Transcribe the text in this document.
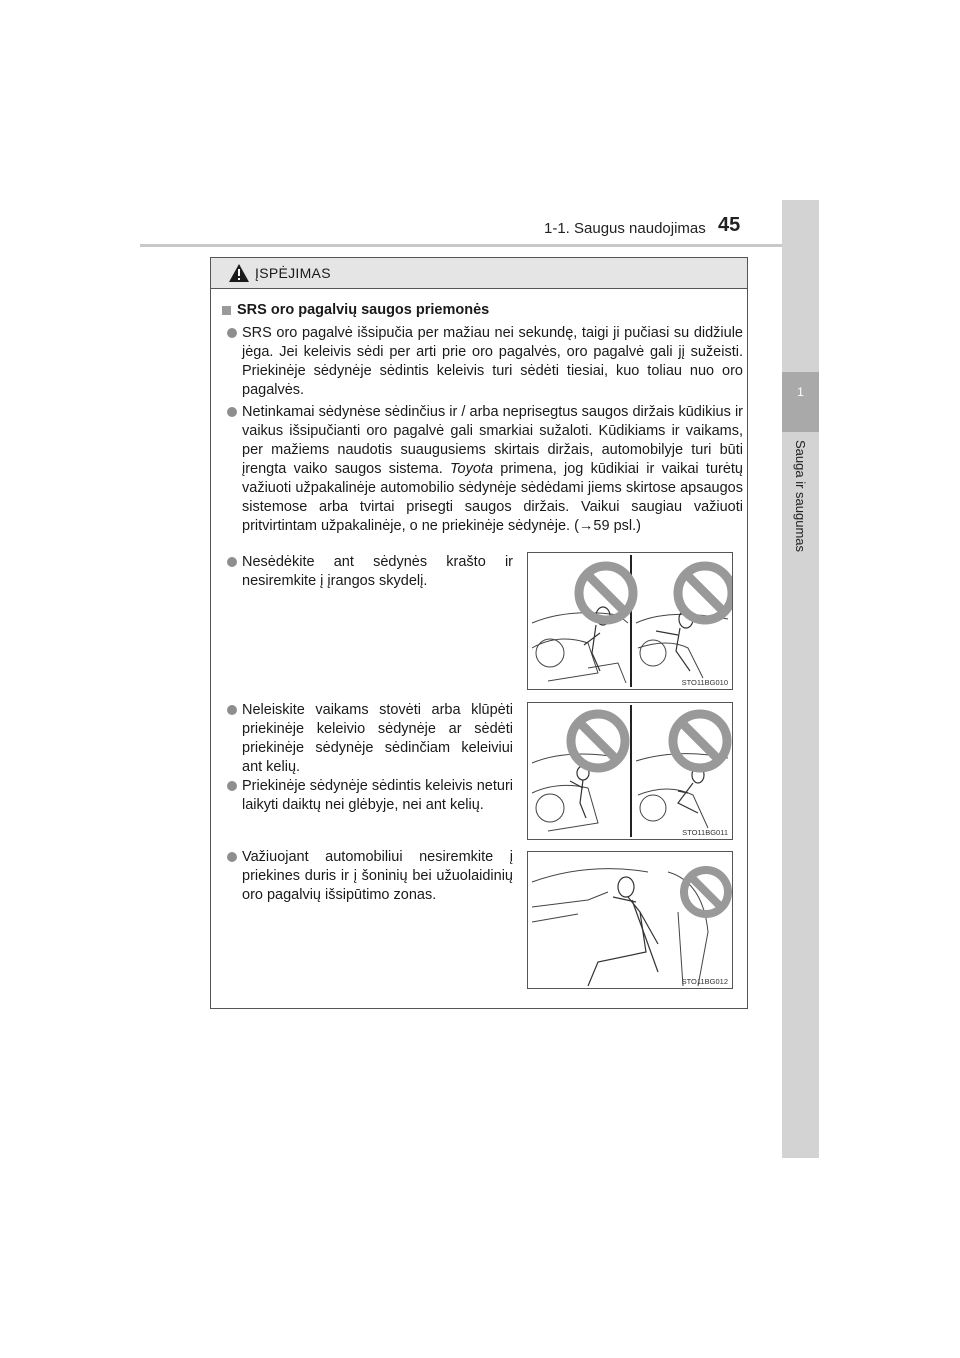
1
Sauga ir saugumas
1-1. Saugus naudojimas 45
ĮSPĖJIMAS
SRS oro pagalvių saugos priemonės
SRS oro pagalvė išsipučia per mažiau nei sekundę, taigi ji pučiasi su didžiule jėga. Jei keleivis sėdi per arti prie oro pagalvės, oro pagalvė gali jį sužeisti. Priekinėje sėdynėje sėdintis keleivis turi sėdėti tiesiai, kuo toliau nuo oro pagalvės.
Netinkamai sėdynėse sėdinčius ir / arba neprisegtus saugos diržais kūdikius ir vaikus išsipučianti oro pagalvė gali smarkiai sužaloti. Kūdikiams ir vaikams, per mažiems naudotis suaugusiems skirtais diržais, automobilyje turi būti įrengta vaiko saugos sistema. Toyota primena, jog kūdikiai ir vaikai turėtų važiuoti užpakalinėje automobilio sėdynėje sėdėdami jiems skirtose apsaugos sistemose arba tvirtai prisegti saugos diržais. Vaikui saugiau važiuoti pritvirtintam užpakalinėje, o ne priekinėje sėdynėje. (→59 psl.)
Nesėdėkite ant sėdynės krašto ir nesiremkite į įrangos skydelį.
Neleiskite vaikams stovėti arba klūpėti priekinėje keleivio sėdynėje ar sėdėti priekinėje sėdynėje sėdinčiam keleiviui ant kelių.
Priekinėje sėdynėje sėdintis keleivis neturi laikyti daiktų nei glėbyje, nei ant kelių.
Važiuojant automobiliui nesiremkite į priekines duris ir į šoninių bei užuolaidinių oro pagalvių išsipūtimo zonas.
STO11BG010
STO11BG011
STO11BG012
